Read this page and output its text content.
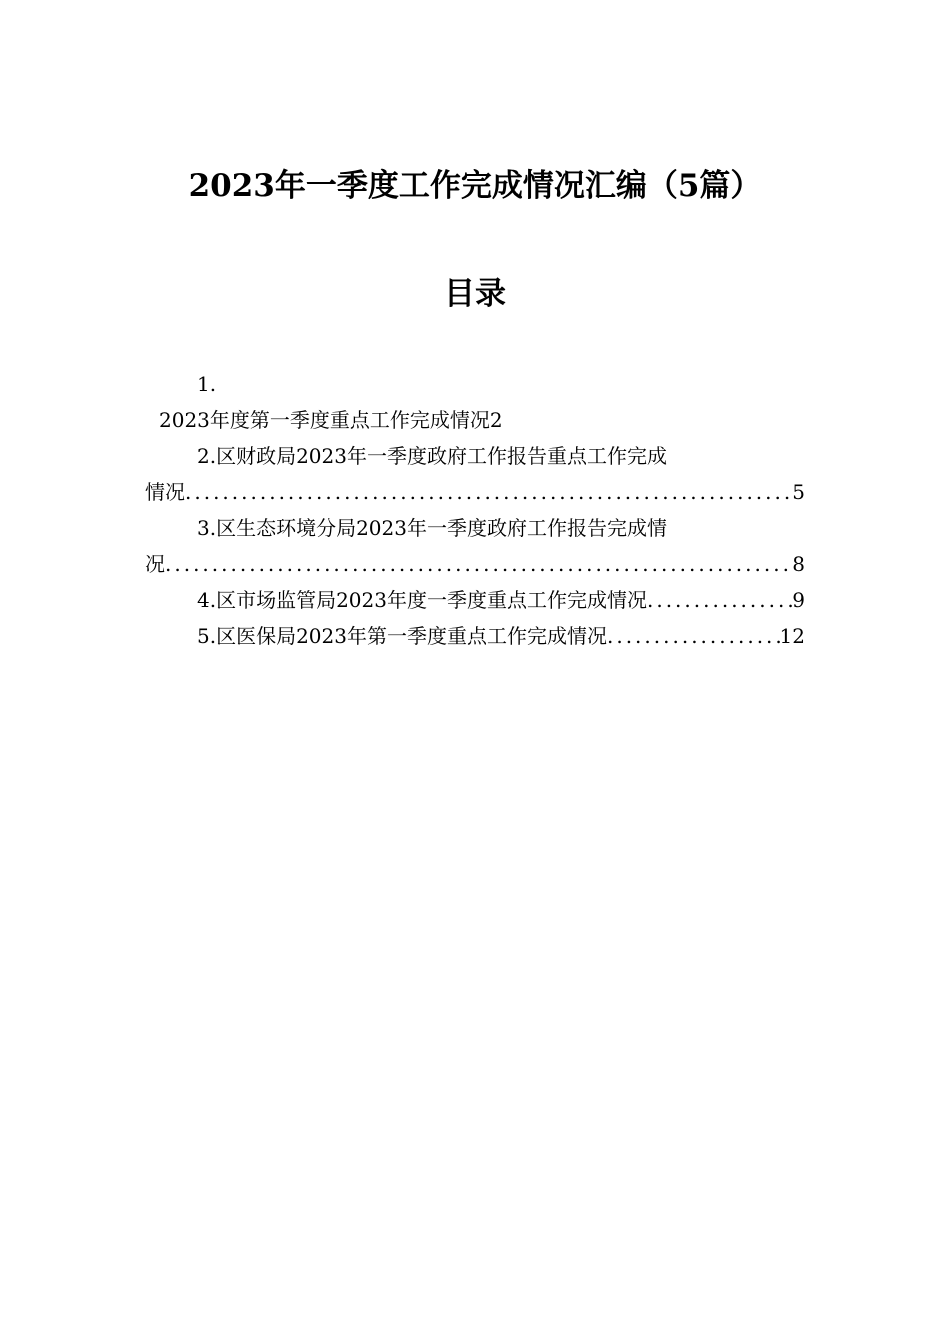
2023年一季度工作完成情况汇编（5篇）
目录
1.
2023年度第一季度重点工作完成情况2
2.区财政局2023年一季度政府工作报告重点工作完成
情况 .....	5
3.区生态环境分局2023年一季度政府工作报告完成情
况 .....	8
4.区市场监管局2023年度一季度重点工作完成情况 .....	9
5.区医保局2023年第一季度重点工作完成情况 .....	12
